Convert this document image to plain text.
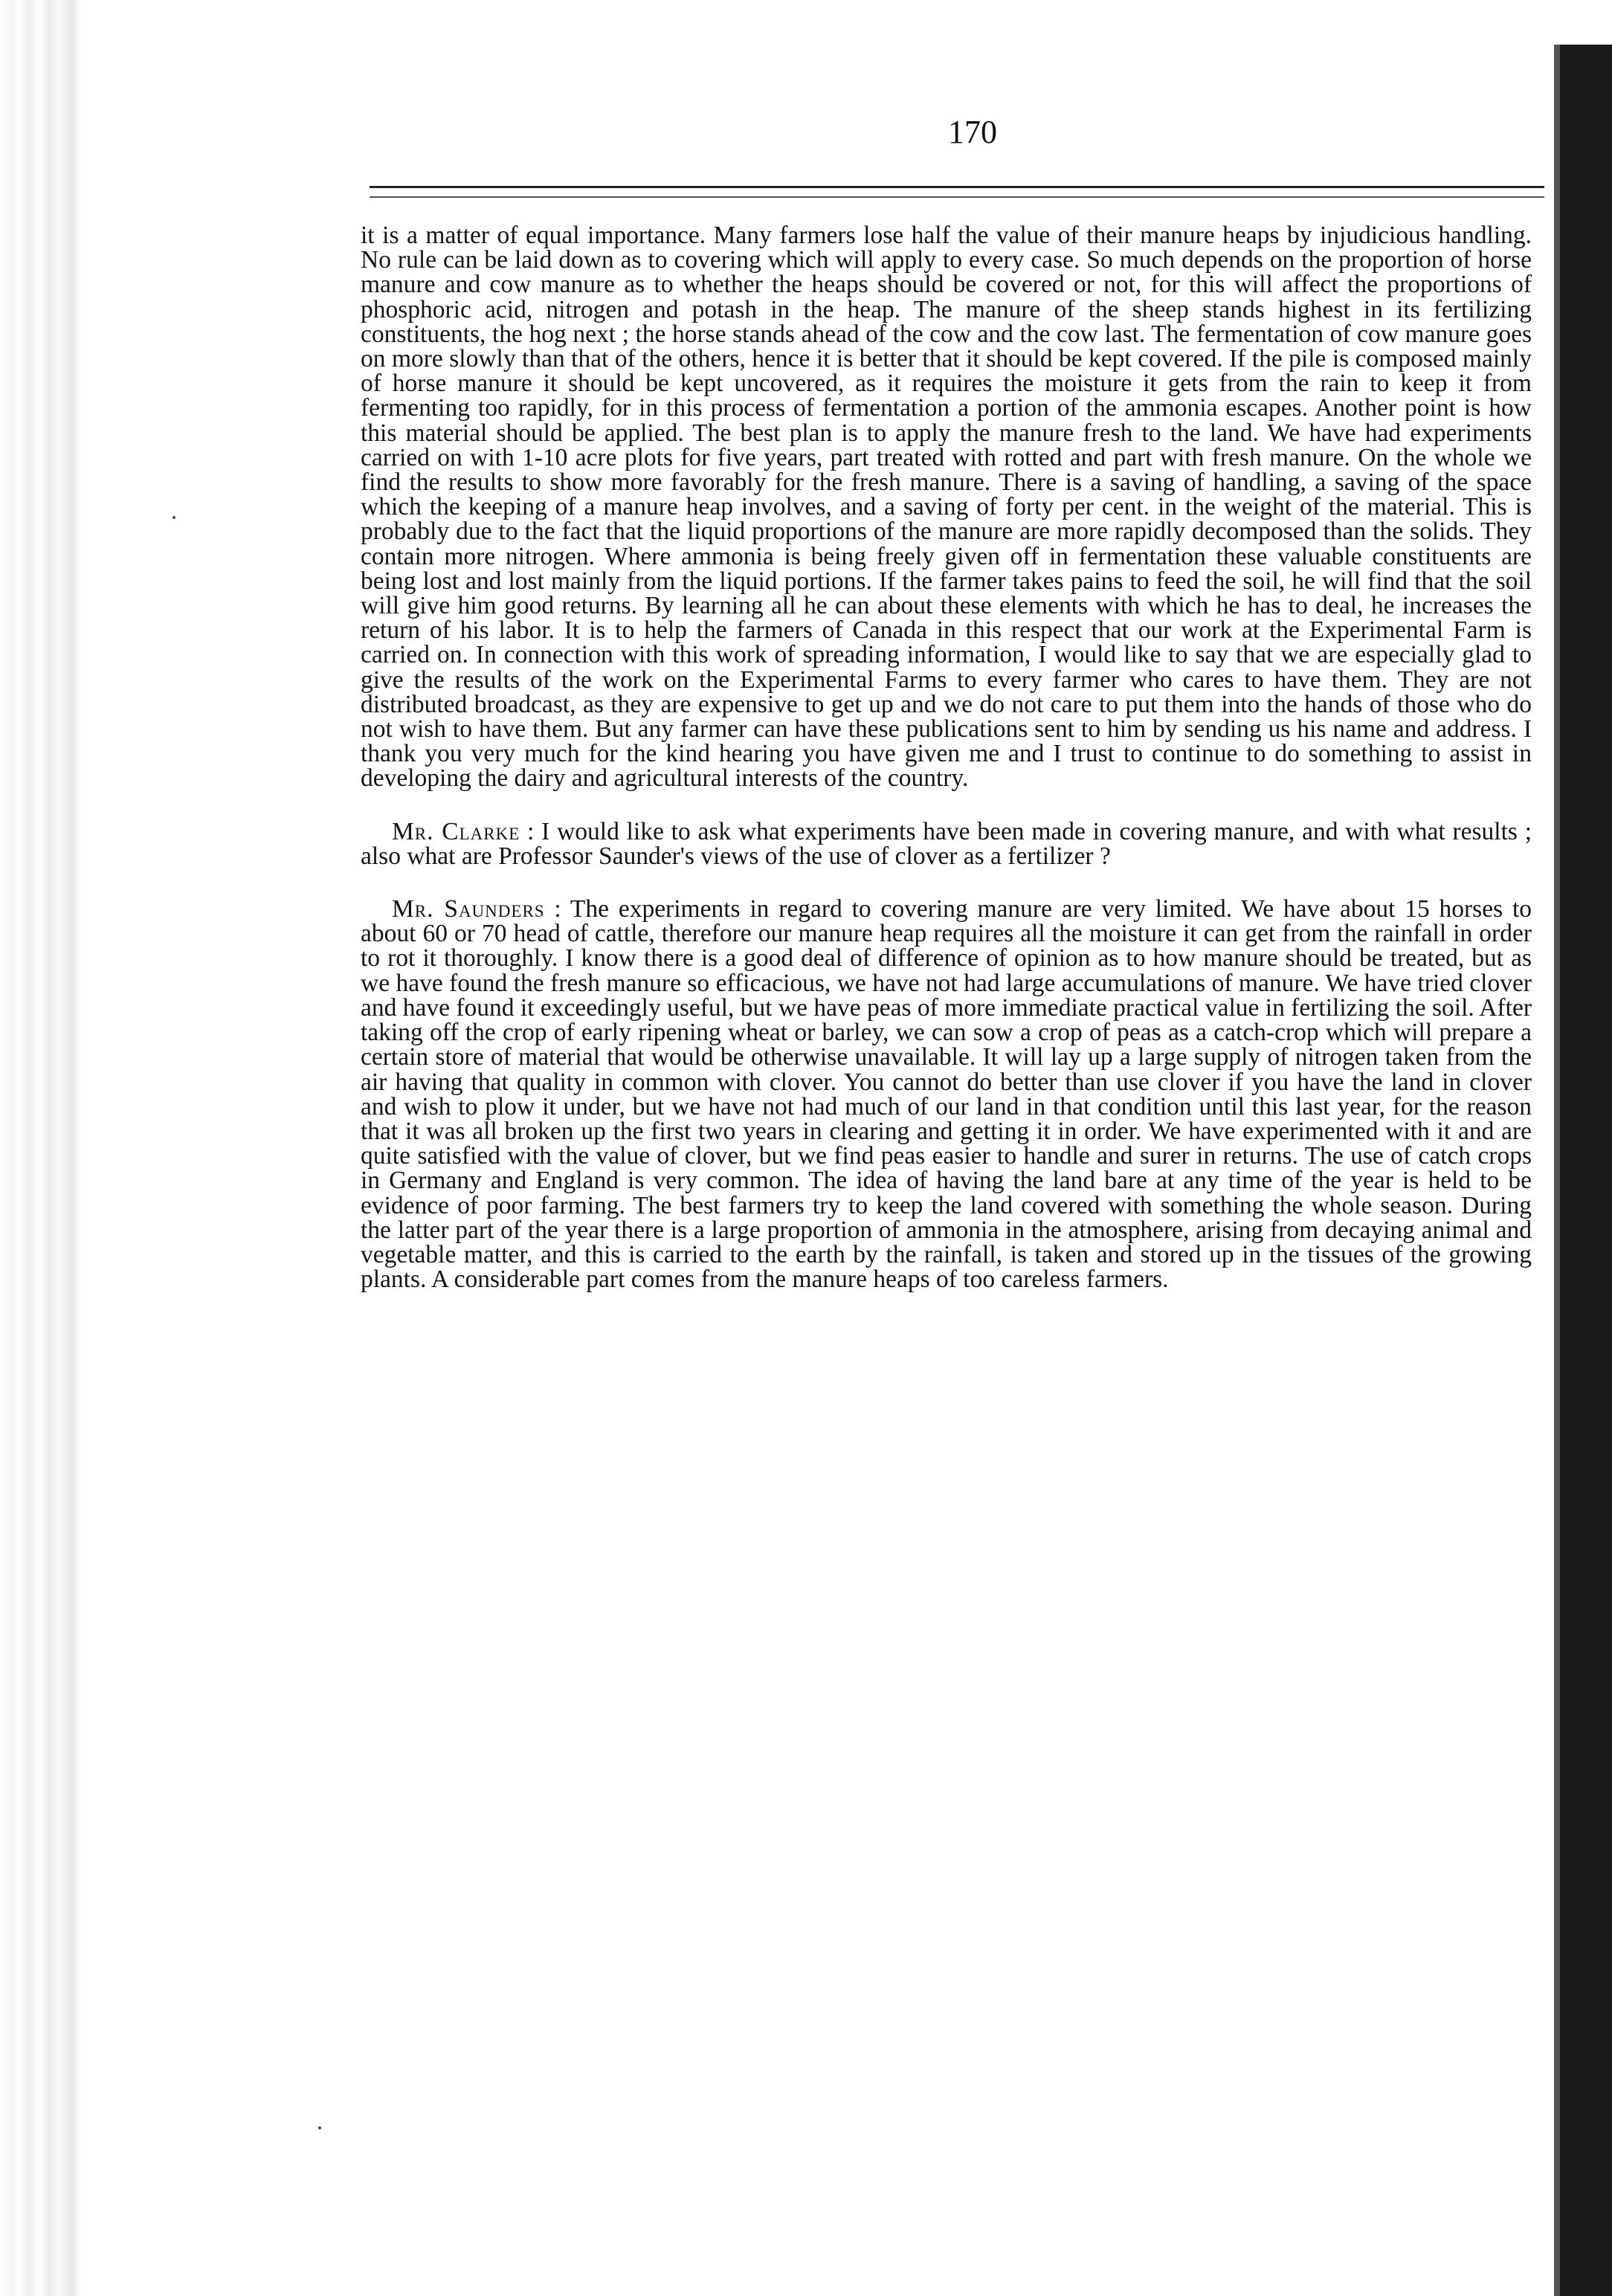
170

it is a matter of equal importance. Many farmers lose half the value of their manure heaps by injudicious handling. No rule can be laid down as to covering which will apply to every case. So much depends on the proportion of horse manure and cow manure as to whether the heaps should be covered or not, for this will affect the proportions of phosphoric acid, nitrogen and potash in the heap. The manure of the sheep stands highest in its fertilizing constituents, the hog next ; the horse stands ahead of the cow and the cow last. The fermentation of cow manure goes on more slowly than that of the others, hence it is better that it should be kept covered. If the pile is composed mainly of horse manure it should be kept uncovered, as it requires the moisture it gets from the rain to keep it from fermenting too rapidly, for in this process of fermentation a portion of the ammonia escapes. Another point is how this material should be applied. The best plan is to apply the manure fresh to the land. We have had experiments carried on with 1-10 acre plots for five years, part treated with rotted and part with fresh manure. On the whole we find the results to show more favorably for the fresh manure. There is a saving of handling, a saving of the space which the keeping of a manure heap involves, and a saving of forty per cent. in the weight of the material. This is probably due to the fact that the liquid proportions of the manure are more rapidly decomposed than the solids. They contain more nitrogen. Where ammonia is being freely given off in fermentation these valuable constituents are being lost and lost mainly from the liquid portions. If the farmer takes pains to feed the soil, he will find that the soil will give him good returns. By learning all he can about these elements with which he has to deal, he increases the return of his labor. It is to help the farmers of Canada in this respect that our work at the Experimental Farm is carried on. In connection with this work of spreading information, I would like to say that we are especially glad to give the results of the work on the Experimental Farms to every farmer who cares to have them. They are not distributed broadcast, as they are expensive to get up and we do not care to put them into the hands of those who do not wish to have them. But any farmer can have these publications sent to him by sending us his name and address. I thank you very much for the kind hearing you have given me and I trust to continue to do something to assist in developing the dairy and agricultural interests of the country.

Mr. Clarke : I would like to ask what experiments have been made in covering manure, and with what results ; also what are Professor Saunder's views of the use of clover as a fertilizer ?

Mr. Saunders : The experiments in regard to covering manure are very limited. We have about 15 horses to about 60 or 70 head of cattle, therefore our manure heap requires all the moisture it can get from the rainfall in order to rot it thoroughly. I know there is a good deal of difference of opinion as to how manure should be treated, but as we have found the fresh manure so efficacious, we have not had large accumulations of manure. We have tried clover and have found it exceedingly useful, but we have peas of more immediate practical value in fertilizing the soil. After taking off the crop of early ripening wheat or barley, we can sow a crop of peas as a catch-crop which will prepare a certain store of material that would be otherwise unavailable. It will lay up a large supply of nitrogen taken from the air having that quality in common with clover. You cannot do better than use clover if you have the land in clover and wish to plow it under, but we have not had much of our land in that condition until this last year, for the reason that it was all broken up the first two years in clearing and getting it in order. We have experimented with it and are quite satisfied with the value of clover, but we find peas easier to handle and surer in returns. The use of catch crops in Germany and England is very common. The idea of having the land bare at any time of the year is held to be evidence of poor farming. The best farmers try to keep the land covered with something the whole season. During the latter part of the year there is a large proportion of ammonia in the atmosphere, arising from decaying animal and vegetable matter, and this is carried to the earth by the rainfall, is taken and stored up in the tissues of the growing plants. A considerable part comes from the manure heaps of too careless farmers.
